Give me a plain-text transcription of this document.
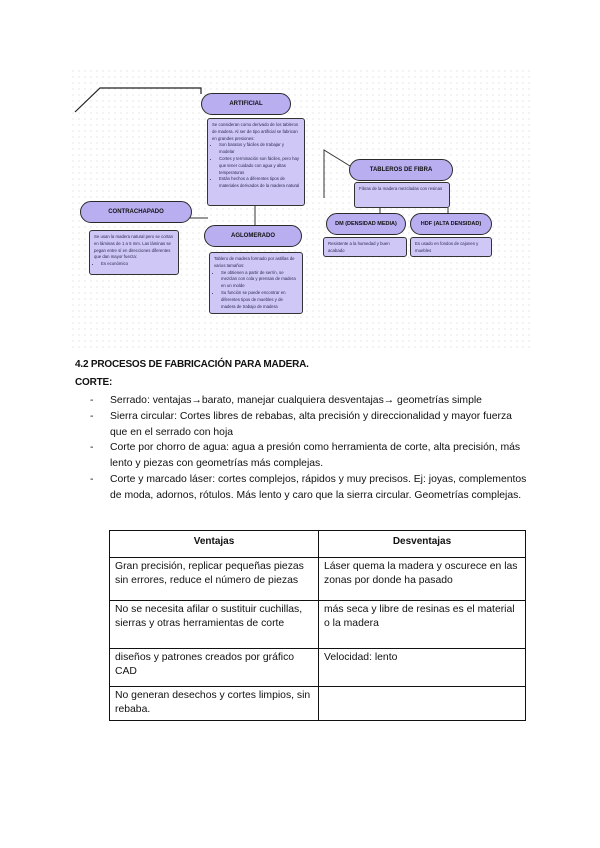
ARTIFICIAL
Se consideran como derivado de los tableros de madera. Al ser de tipo artificial se fabrican en grandes presiones:
• Son baratos y fáciles de trabajar y modelar
• Cortes y terminación son fáciles, pero hay que tener cuidado con agua y altas temperaturas
• Están hechos a diferentes tipos de materiales derivados de la madera natural
CONTRACHAPADO
Se usan la madera natural pero se cortan en láminas de 1 a 5 mm. Las láminas se pegan entre sí en direcciones diferentes que dan mayor fuerza:
• Es económico
AGLOMERADO
Tablero de madera formado por astillas de varios tamaños:
• Se obtienen a partir de serrín, se mezclan con cola y prensas de madera en un molde
• Su función se puede encontrar en diferentes tipos de muebles y de madera de trabajo de madera
TABLEROS DE FIBRA
Fibras de la madera mezcladas con resinas
DM (DENSIDAD MEDIA)
Resistente a la humedad y buen acabado
HDF (ALTA DENSIDAD)
Es usado en fondos de cajones y muebles
4.2 PROCESOS DE FABRICACIÓN PARA MADERA.
CORTE:
- Serrado: ventajas→barato, manejar cualquiera desventajas→ geometrías simple
- Sierra circular: Cortes libres de rebabas, alta precisión y direccionalidad y mayor fuerza que en el serrado con hoja
- Corte por chorro de agua: agua a presión como herramienta de corte, alta precisión, más lento y piezas con geometrías más complejas.
- Corte y marcado láser: cortes complejos, rápidos y muy precisos. Ej: joyas, complementos de moda, adornos, rótulos. Más lento y caro que la sierra circular. Geometrías complejas.
Ventajas	Desventajas
Gran precisión, replicar pequeñas piezas sin errores, reduce el número de piezas	Láser quema la madera y oscurece en las zonas por donde ha pasado
No se necesita afilar o sustituir cuchillas, sierras y otras herramientas de corte	más seca y libre de resinas es el material o la madera
diseños y patrones creados por gráfico CAD	Velocidad: lento
No generan desechos y cortes limpios, sin rebaba.	
